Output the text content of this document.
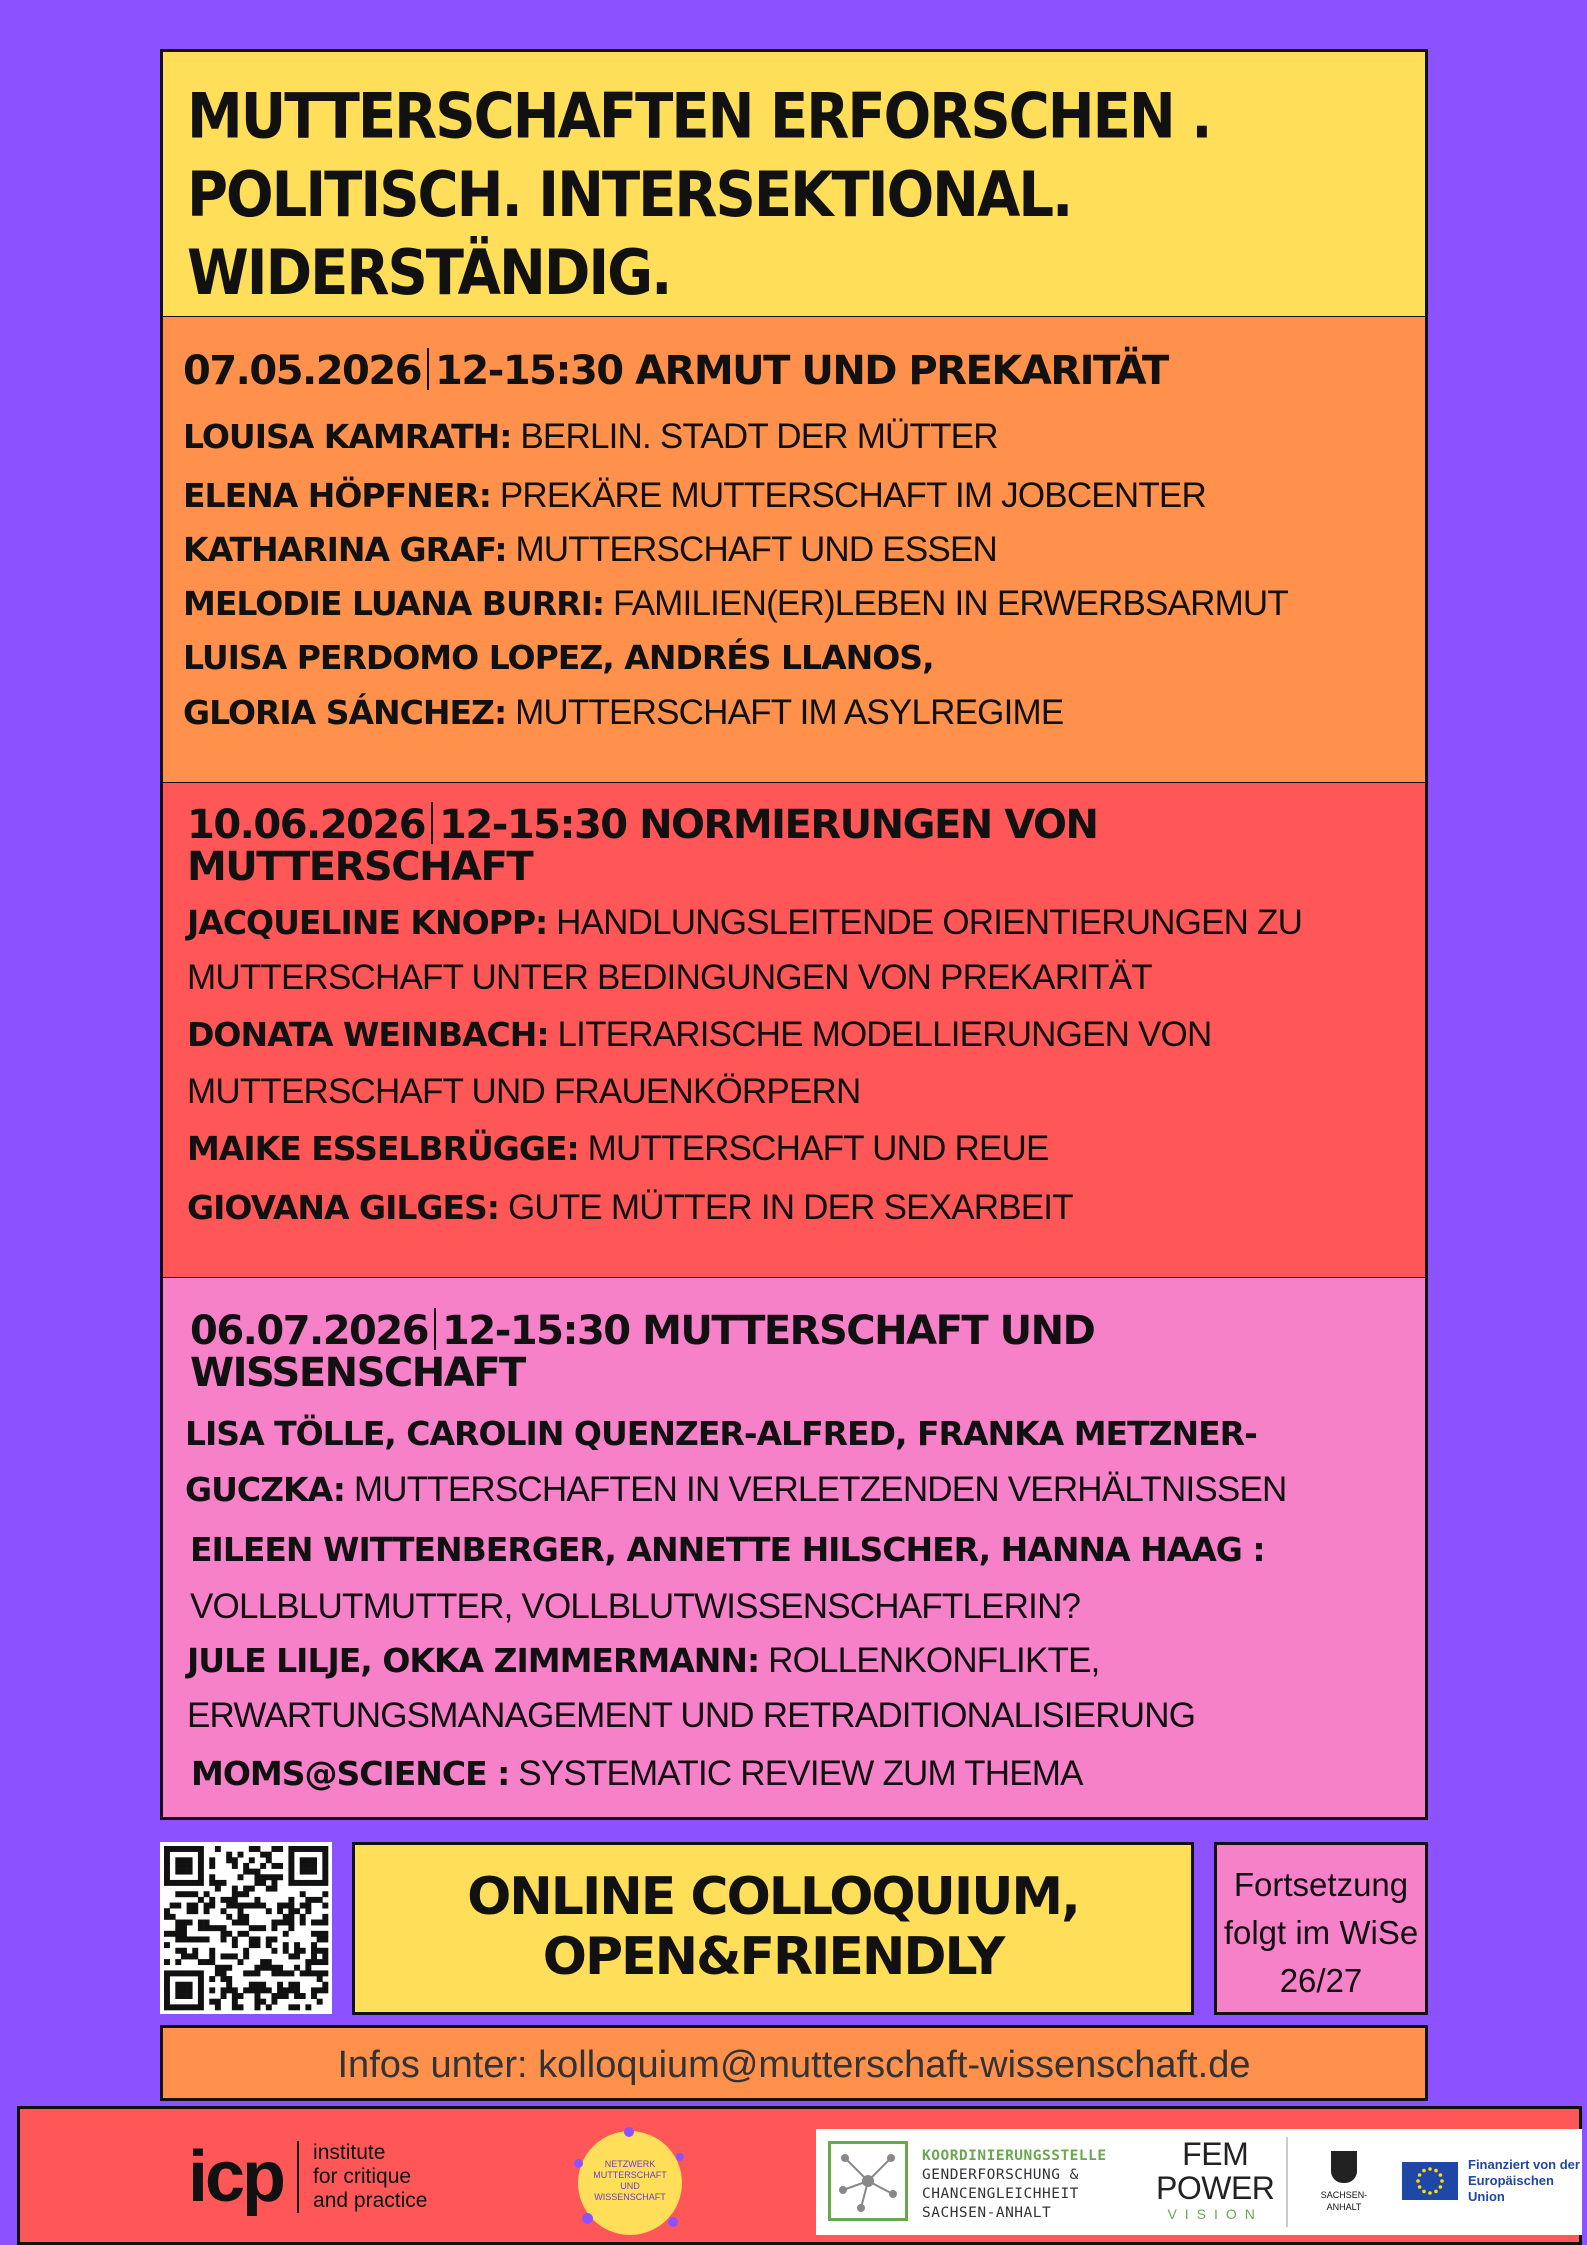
MUTTERSCHAFTEN ERFORSCHEN .
POLITISCH. INTERSEKTIONAL.
WIDERSTÄNDIG.
07.05.2026 12-15:30 ARMUT UND PREKARITÄT
LOUISA KAMRATH: BERLIN. STADT DER MÜTTER
ELENA HÖPFNER: PREKÄRE MUTTERSCHAFT IM JOBCENTER
KATHARINA GRAF: MUTTERSCHAFT UND ESSEN
MELODIE LUANA BURRI: FAMILIEN(ER)LEBEN IN ERWERBSARMUT
LUISA PERDOMO LOPEZ, ANDRÉS LLANOS,
GLORIA SÁNCHEZ: MUTTERSCHAFT IM ASYLREGIME
10.06.2026 12-15:30 NORMIERUNGEN VON
MUTTERSCHAFT
JACQUELINE KNOPP: HANDLUNGSLEITENDE ORIENTIERUNGEN ZU
MUTTERSCHAFT UNTER BEDINGUNGEN VON PREKARITÄT
DONATA WEINBACH: LITERARISCHE MODELLIERUNGEN VON
MUTTERSCHAFT UND FRAUENKÖRPERN
MAIKE ESSELBRÜGGE: MUTTERSCHAFT UND REUE
GIOVANA GILGES: GUTE MÜTTER IN DER SEXARBEIT
06.07.2026 12-15:30 MUTTERSCHAFT UND
WISSENSCHAFT
LISA TÖLLE, CAROLIN QUENZER-ALFRED, FRANKA METZNER-
GUCZKA: MUTTERSCHAFTEN IN VERLETZENDEN VERHÄLTNISSEN
EILEEN WITTENBERGER, ANNETTE HILSCHER, HANNA HAAG :
VOLLBLUTMUTTER, VOLLBLUTWISSENSCHAFTLERIN?
JULE LILJE, OKKA ZIMMERMANN: ROLLENKONFLIKTE,
ERWARTUNGSMANAGEMENT UND RETRADITIONALISIERUNG
MOMS@SCIENCE : SYSTEMATIC REVIEW ZUM THEMA
ONLINE COLLOQUIUM,
OPEN&FRIENDLY
Fortsetzung
folgt im WiSe
26/27
Infos unter: kolloquium@mutterschaft-wissenschaft.de
icp institute
for critique
and practice
NETZWERK
MUTTERSCHAFT
UND
WISSENSCHAFT
KOORDINIERUNGSSTELLE
GENDERFORSCHUNG &
CHANCENGLEICHHEIT
SACHSEN-ANHALT
FEM
POWER
VISION
SACHSEN-ANHALT
Finanziert von der
Europäischen Union
